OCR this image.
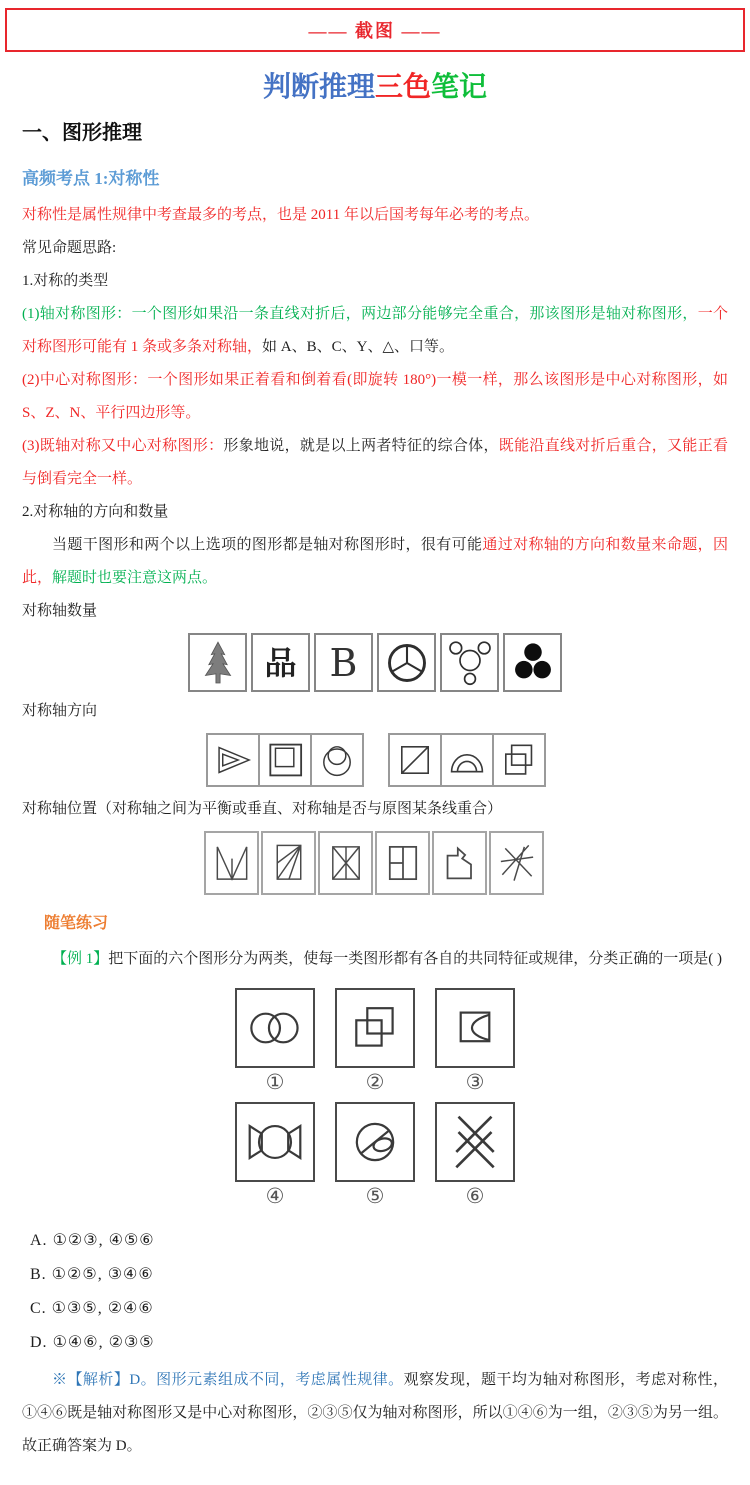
—— 截图 ——
判断推理三色笔记
一、图形推理
高频考点 1:对称性

对称性是属性规律中考查最多的考点，也是 2011 年以后国考每年必考的考点。

常见命题思路:

1.对称的类型

(1)轴对称图形：一个图形如果沿一条直线对折后，两边部分能够完全重合，那该图形是轴对称图形，一个对称图形可能有 1 条或多条对称轴，如 A、B、C、Y、△、口等。

(2)中心对称图形：一个图形如果正着看和倒着看(即旋转 180°)一模一样，那么该图形是中心对称图形，如 S、Z、N、平行四边形等。

(3)既轴对称又中心对称图形：形象地说，就是以上两者特征的综合体，既能沿直线对折后重合，又能正看与倒看完全一样。

2.对称轴的方向和数量

当题干图形和两个以上选项的图形都是轴对称图形时，很有可能通过对称轴的方向和数量来命题，因此，解题时也要注意这两点。

对称轴数量

品 B

对称轴方向

对称轴位置（对称轴之间为平衡或垂直、对称轴是否与原图某条线重合）

随笔练习

【例 1】把下面的六个图形分为两类，使每一类图形都有各自的共同特征或规律，分类正确的一项是( )

①	②	③
④	⑤	⑥
A. ①②③, ④⑤⑥
B. ①②⑤, ③④⑥
C. ①③⑤, ②④⑥
D. ①④⑥, ②③⑤

※【解析】D。图形元素组成不同，考虑属性规律。观察发现，题干均为轴对称图形，考虑对称性，①④⑥既是轴对称图形又是中心对称图形，②③⑤仅为轴对称图形，所以①④⑥为一组，②③⑤为另一组。故正确答案为 D。
